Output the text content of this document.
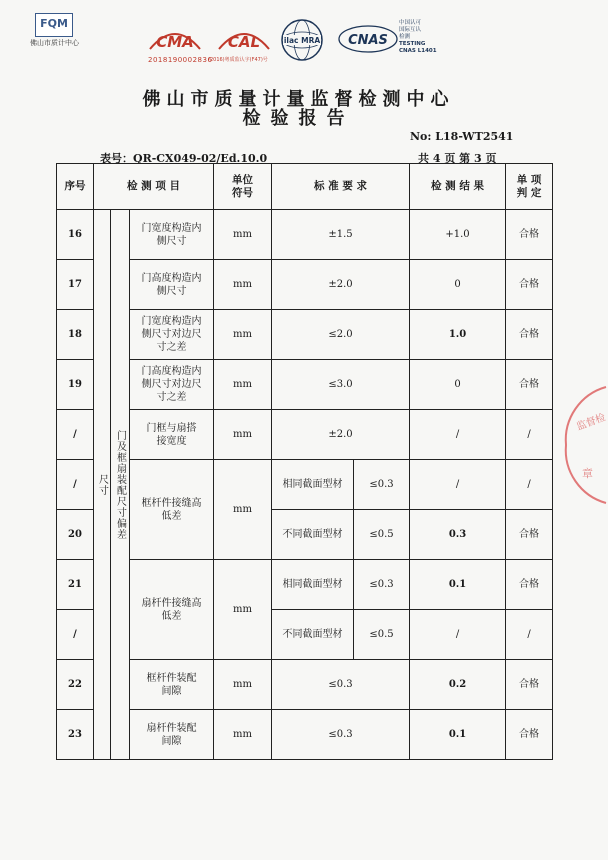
FQM
佛山市质计中心	CMA
2018190002836
CAL
(2016)粤质监认字(F47)号
ilac MRA CNAS
中国认可
国际互认
检测
TESTING
CNAS L1401
佛山市质量计量监督检测中心
检验报告
No: L18-WT2541
表号：QR-CX049-02/Ed.10.0	共 4 页 第 3 页
序号	检 测 项 目			单位符号	标 准 要 求		检 测 结 果	单 项判 定

16	尺寸	门及框扇装配尺寸偏差	门宽度构造内侧尺寸	mm	±1.5		+1.0	合格
17			门高度构造内侧尺寸	mm	±2.0		0	合格
18			门宽度构造内侧尺寸对边尺寸之差	mm	≤2.0		1.0	合格
19			门高度构造内侧尺寸对边尺寸之差	mm	≤3.0		0	合格
/			门框与扇搭接宽度	mm	±2.0		/	/
/			框杆件接缝高低差	mm	相同截面型材	≤0.3	/	/
20					不同截面型材	≤0.5	0.3	合格
21			扇杆件接缝高低差	mm	相同截面型材	≤0.3	0.1	合格
/					不同截面型材	≤0.5	/	/
22			框杆件装配间隙	mm	≤0.3		0.2	合格
23			扇杆件装配间隙	mm	≤0.3		0.1	合格
监督检
章
